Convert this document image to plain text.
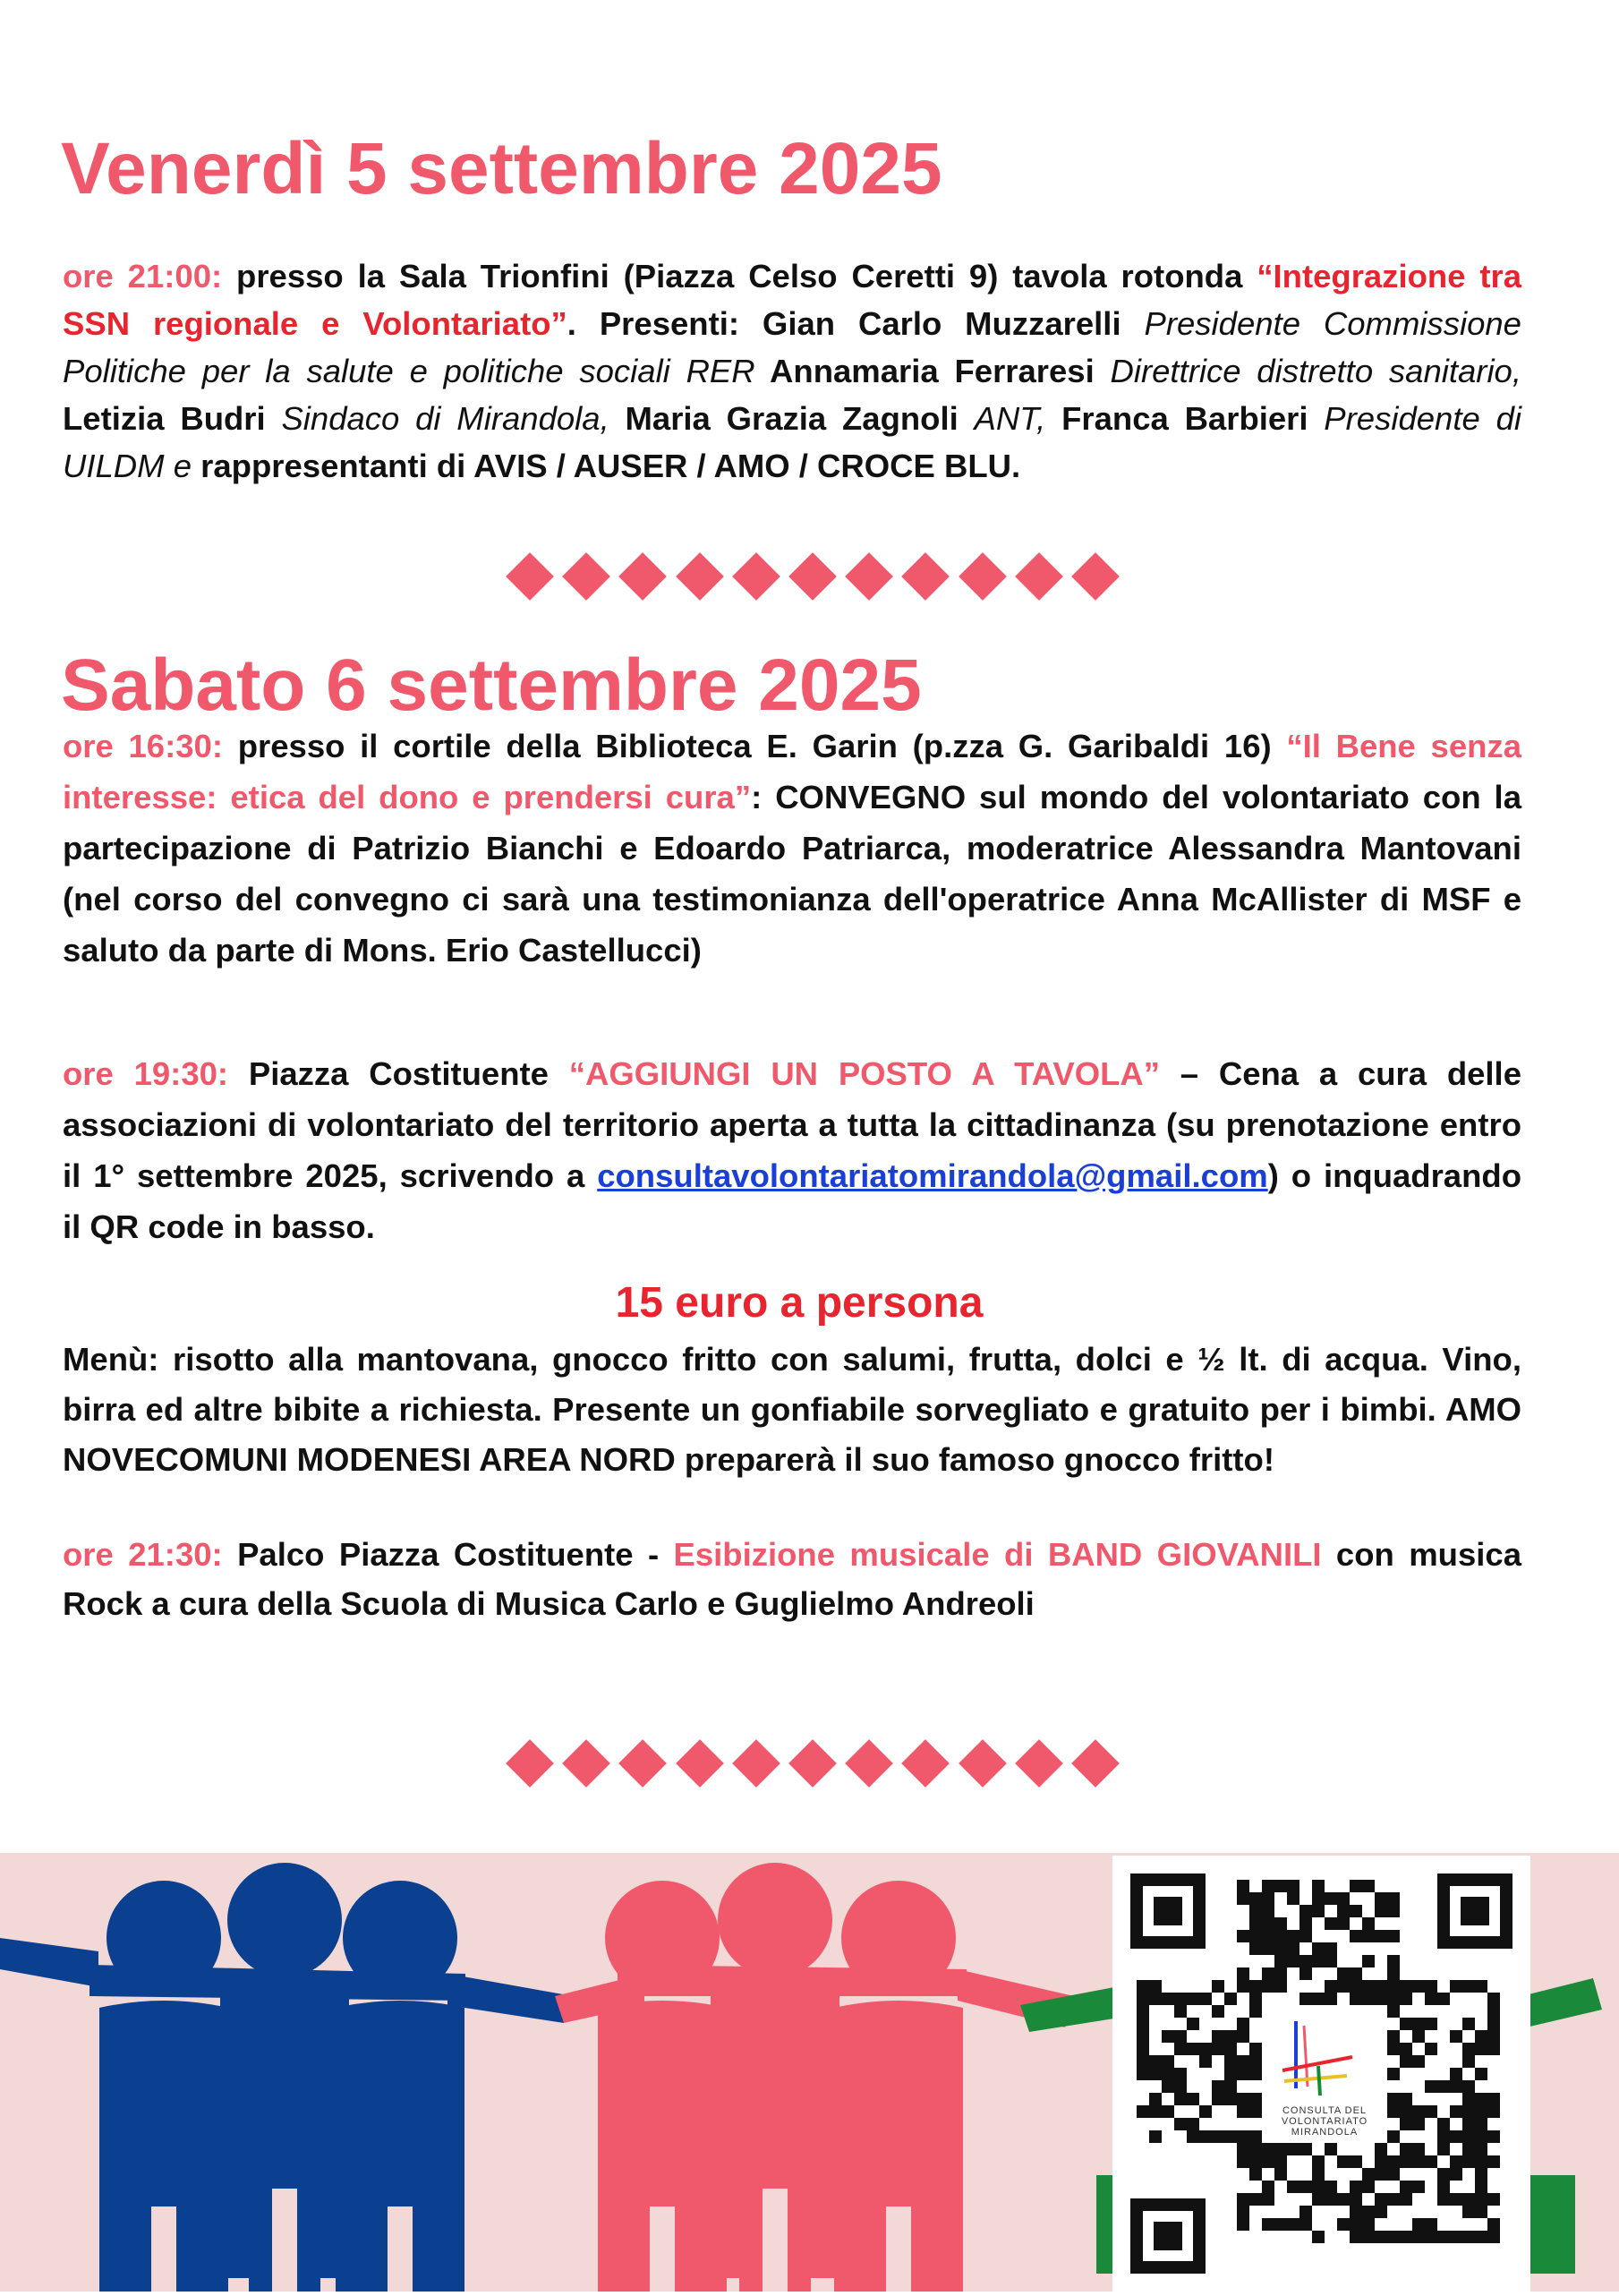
Venerdì 5 settembre 2025

ore 21:00: presso la Sala Trionfini (Piazza Celso Ceretti 9) tavola rotonda “Integrazione tra SSN regionale e Volontariato”. Presenti: Gian Carlo Muzzarelli Presidente Commissione Politiche per la salute e politiche sociali RER Annamaria Ferraresi Direttrice distretto sanitario, Letizia Budri Sindaco di Mirandola, Maria Grazia Zagnoli ANT, Franca Barbieri Presidente di UILDM e rappresentanti di AVIS / AUSER / AMO / CROCE BLU.

Sabato 6 settembre 2025

ore 16:30: presso il cortile della Biblioteca E. Garin (p.zza G. Garibaldi 16) “Il Bene senza interesse: etica del dono e prendersi cura”: CONVEGNO sul mondo del volontariato con la partecipazione di Patrizio Bianchi e Edoardo Patriarca, moderatrice Alessandra Mantovani (nel corso del convegno ci sarà una testimonianza dell'operatrice Anna McAllister di MSF e saluto da parte di Mons. Erio Castellucci)

ore 19:30: Piazza Costituente “AGGIUNGI UN POSTO A TAVOLA” – Cena a cura delle associazioni di volontariato del territorio aperta a tutta la cittadinanza (su prenotazione entro il 1° settembre 2025, scrivendo a consultavolontariatomirandola@gmail.com) o inquadrando il QR code in basso.

15 euro a persona

Menù: risotto alla mantovana, gnocco fritto con salumi, frutta, dolci e ½ lt. di acqua. Vino, birra ed altre bibite a richiesta. Presente un gonfiabile sorvegliato e gratuito per i bimbi. AMO NOVECOMUNI MODENESI AREA NORD preparerà il suo famoso gnocco fritto!

ore 21:30: Palco Piazza Costituente - Esibizione musicale di BAND GIOVANILI con musica Rock a cura della Scuola di Musica Carlo e Guglielmo Andreoli

CONSULTA DEL
VOLONTARIATO
MIRANDOLA
